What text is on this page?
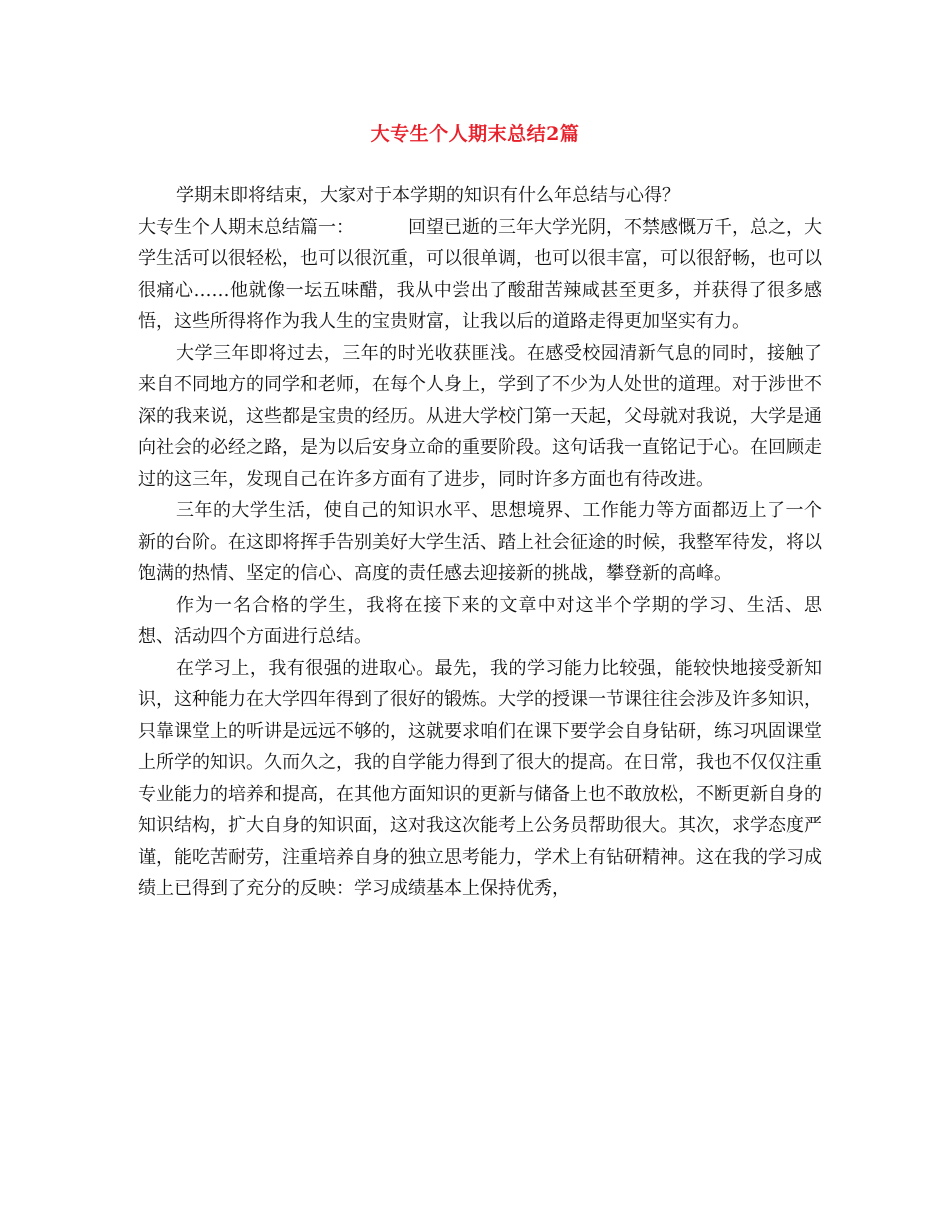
大专生个人期末总结2篇

学期末即将结束，大家对于本学期的知识有什么年总结与心得？

大专生个人期末总结篇一：	回望已逝的三年大学光阴，不禁感慨万千，总之，大学生活可以很轻松，也可以很沉重，可以很单调，也可以很丰富，可以很舒畅，也可以很痛心……他就像一坛五味醋，我从中尝出了酸甜苦辣咸甚至更多，并获得了很多感悟，这些所得将作为我人生的宝贵财富，让我以后的道路走得更加坚实有力。

大学三年即将过去，三年的时光收获匪浅。在感受校园清新气息的同时，接触了来自不同地方的同学和老师，在每个人身上，学到了不少为人处世的道理。对于涉世不深的我来说，这些都是宝贵的经历。从进大学校门第一天起，父母就对我说，大学是通向社会的必经之路，是为以后安身立命的重要阶段。这句话我一直铭记于心。在回顾走过的这三年，发现自己在许多方面有了进步，同时许多方面也有待改进。

三年的大学生活，使自己的知识水平、思想境界、工作能力等方面都迈上了一个新的台阶。在这即将挥手告别美好大学生活、踏上社会征途的时候，我整军待发，将以饱满的热情、坚定的信心、高度的责任感去迎接新的挑战，攀登新的高峰。

作为一名合格的学生，我将在接下来的文章中对这半个学期的学习、生活、思想、活动四个方面进行总结。

在学习上，我有很强的进取心。最先，我的学习能力比较强，能较快地接受新知识，这种能力在大学四年得到了很好的锻炼。大学的授课一节课往往会涉及许多知识，只靠课堂上的听讲是远远不够的，这就要求咱们在课下要学会自身钻研，练习巩固课堂上所学的知识。久而久之，我的自学能力得到了很大的提高。在日常，我也不仅仅注重专业能力的培养和提高，在其他方面知识的更新与储备上也不敢放松，不断更新自身的知识结构，扩大自身的知识面，这对我这次能考上公务员帮助很大。其次，求学态度严谨，能吃苦耐劳，注重培养自身的独立思考能力，学术上有钻研精神。这在我的学习成绩上已得到了充分的反映：学习成绩基本上保持优秀，
